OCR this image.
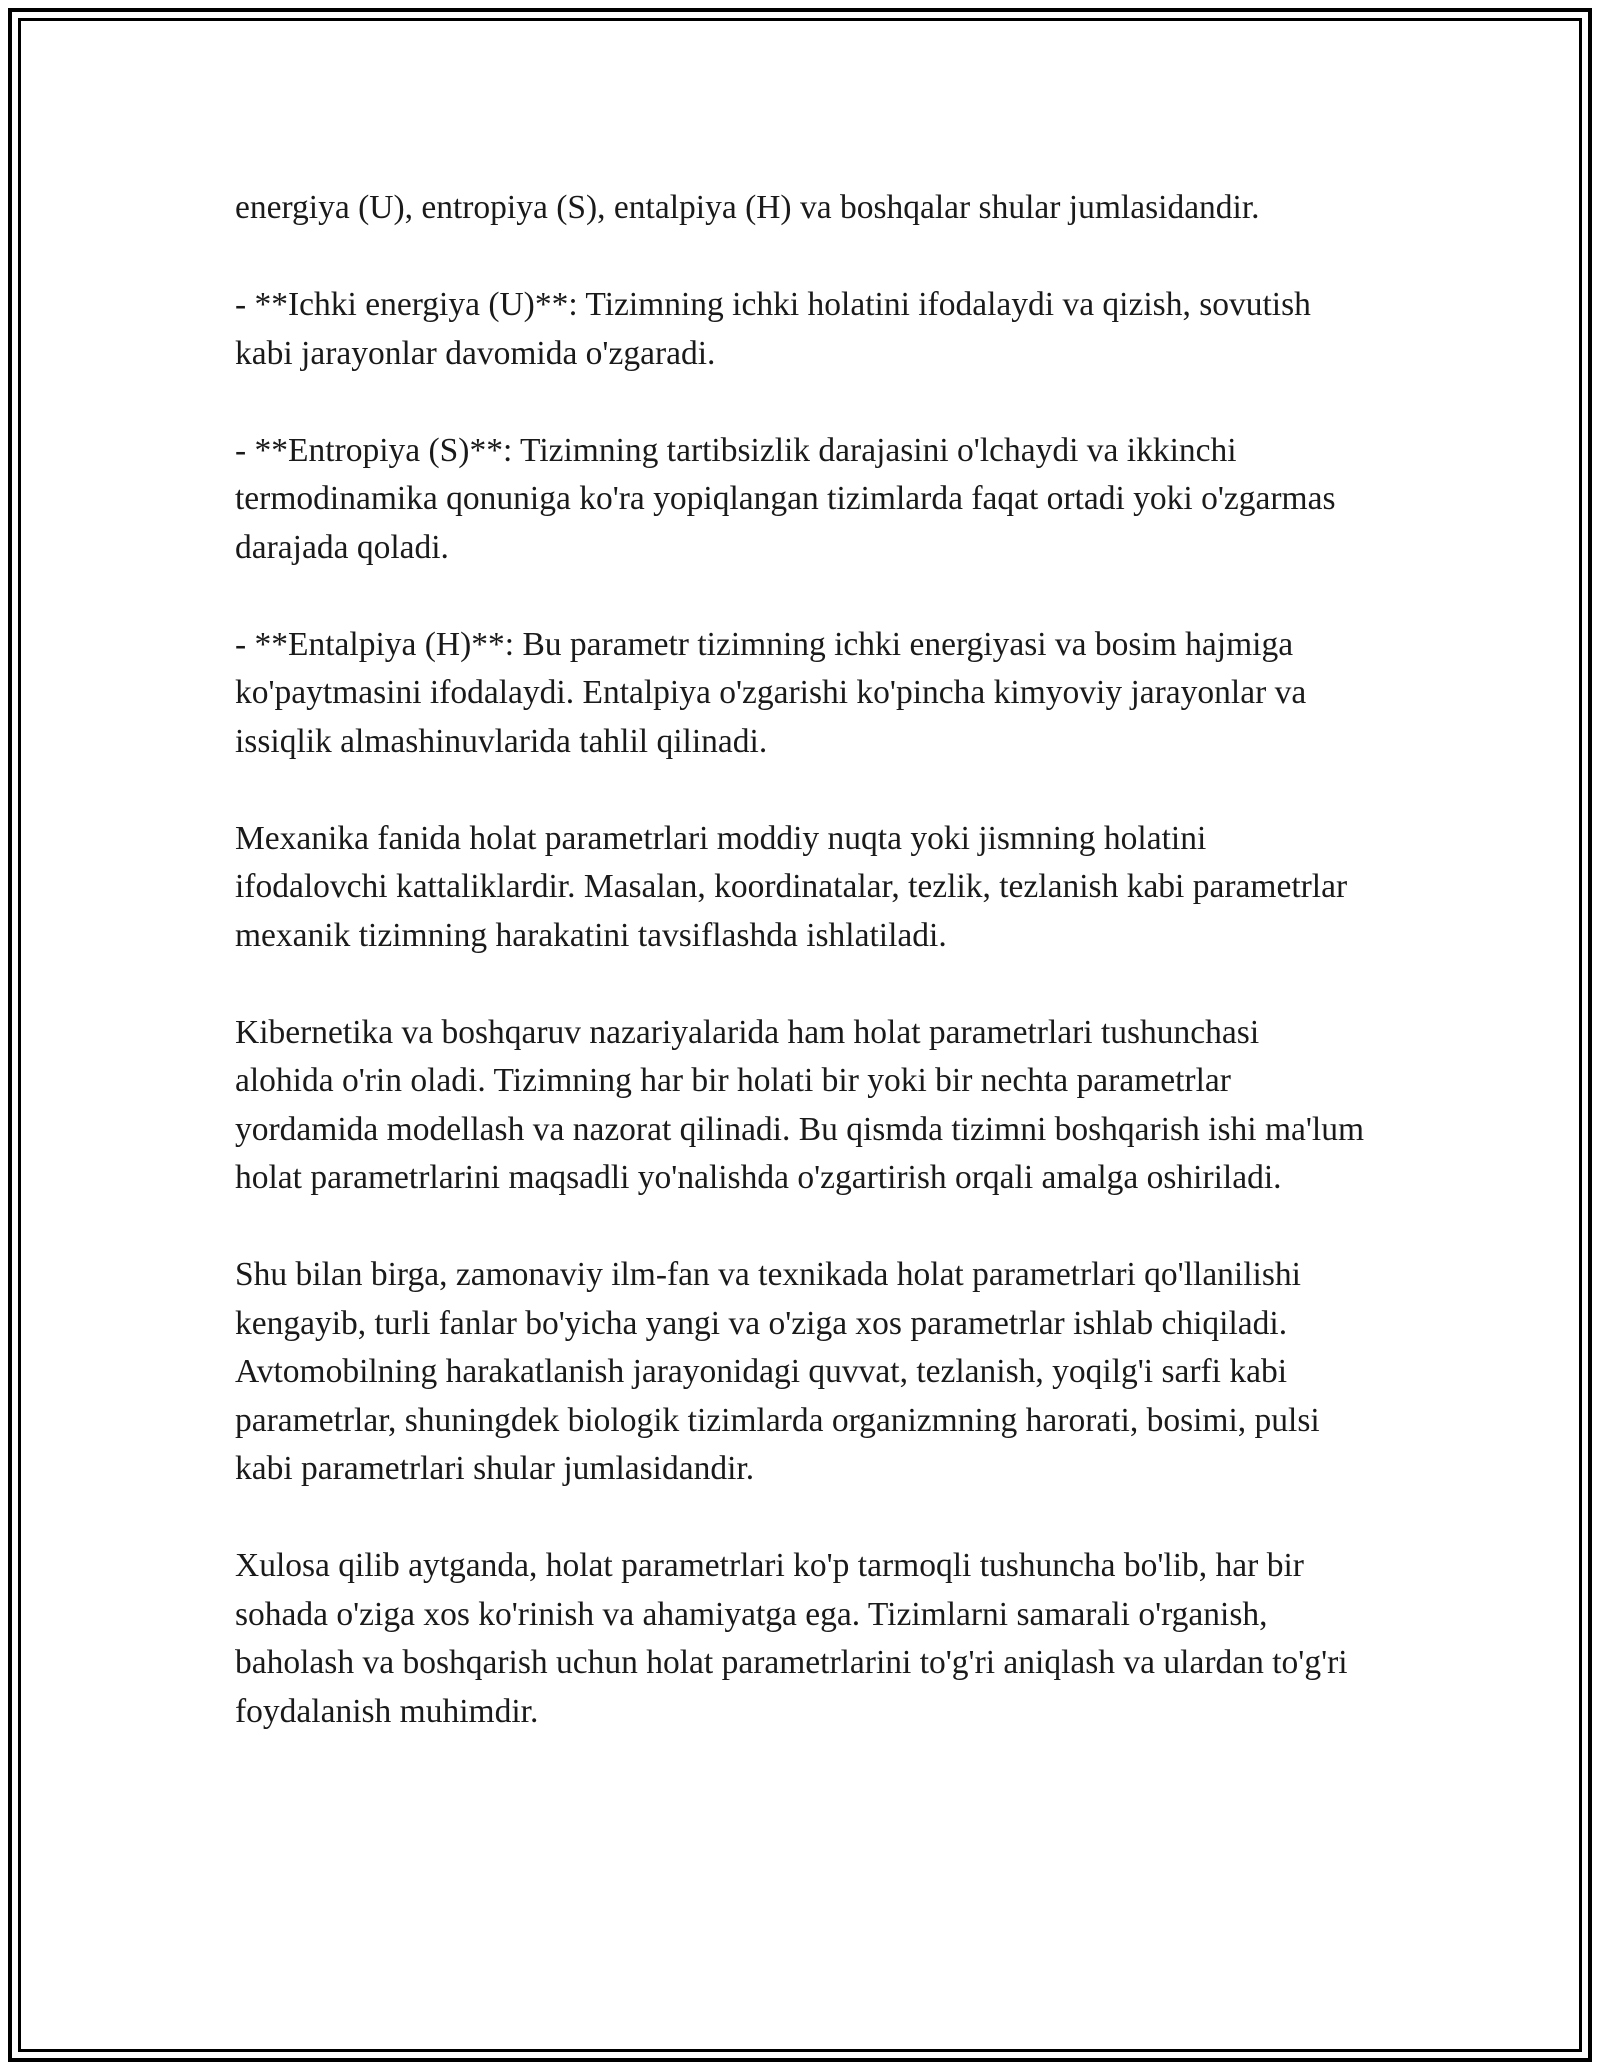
energiya (U), entropiya (S), entalpiya (H) va boshqalar shular jumlasidandir.

- **Ichki energiya (U)**: Tizimning ichki holatini ifodalaydi va qizish, sovutish kabi jarayonlar davomida o'zgaradi.

- **Entropiya (S)**: Tizimning tartibsizlik darajasini o'lchaydi va ikkinchi termodinamika qonuniga ko'ra yopiqlangan tizimlarda faqat ortadi yoki o'zgarmas darajada qoladi.

- **Entalpiya (H)**: Bu parametr tizimning ichki energiyasi va bosim hajmiga ko'paytmasini ifodalaydi. Entalpiya o'zgarishi ko'pincha kimyoviy jarayonlar va issiqlik almashinuvlarida tahlil qilinadi.

Mexanika fanida holat parametrlari moddiy nuqta yoki jismning holatini ifodalovchi kattaliklardir. Masalan, koordinatalar, tezlik, tezlanish kabi parametrlar mexanik tizimning harakatini tavsiflashda ishlatiladi.

Kibernetika va boshqaruv nazariyalarida ham holat parametrlari tushunchasi alohida o'rin oladi. Tizimning har bir holati bir yoki bir nechta parametrlar yordamida modellash va nazorat qilinadi. Bu qismda tizimni boshqarish ishi ma'lum holat parametrlarini maqsadli yo'nalishda o'zgartirish orqali amalga oshiriladi.

Shu bilan birga, zamonaviy ilm-fan va texnikada holat parametrlari qo'llanilishi kengayib, turli fanlar bo'yicha yangi va o'ziga xos parametrlar ishlab chiqiladi. Avtomobilning harakatlanish jarayonidagi quvvat, tezlanish, yoqilg'i sarfi kabi parametrlar, shuningdek biologik tizimlarda organizmning harorati, bosimi, pulsi kabi parametrlari shular jumlasidandir.

Xulosa qilib aytganda, holat parametrlari ko'p tarmoqli tushuncha bo'lib, har bir sohada o'ziga xos ko'rinish va ahamiyatga ega. Tizimlarni samarali o'rganish, baholash va boshqarish uchun holat parametrlarini to'g'ri aniqlash va ulardan to'g'ri foydalanish muhimdir.
